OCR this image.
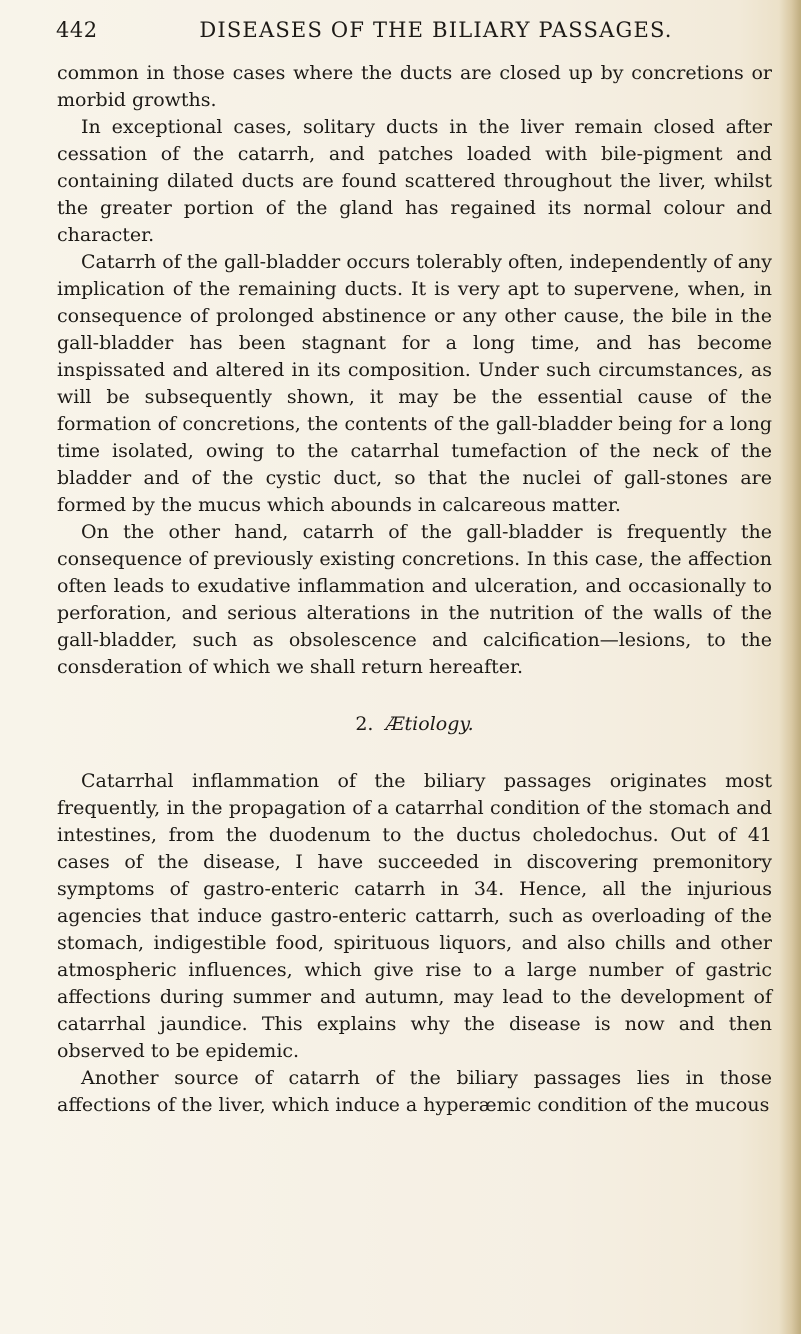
442	DISEASES OF THE BILIARY PASSAGES.

common in those cases where the ducts are closed up by concretions or morbid growths.

In exceptional cases, solitary ducts in the liver remain closed after cessation of the catarrh, and patches loaded with bile-pigment and containing dilated ducts are found scattered throughout the liver, whilst the greater portion of the gland has regained its normal colour and character.

Catarrh of the gall-bladder occurs tolerably often, independently of any implication of the remaining ducts. It is very apt to supervene, when, in consequence of prolonged abstinence or any other cause, the bile in the gall-bladder has been stagnant for a long time, and has become inspissated and altered in its composition. Under such circumstances, as will be subsequently shown, it may be the essential cause of the formation of concretions, the contents of the gall-bladder being for a long time isolated, owing to the catarrhal tumefaction of the neck of the bladder and of the cystic duct, so that the nuclei of gall-stones are formed by the mucus which abounds in calcareous matter.

On the other hand, catarrh of the gall-bladder is frequently the consequence of previously existing concretions. In this case, the affection often leads to exudative inflammation and ulceration, and occasionally to perforation, and serious alterations in the nutrition of the walls of the gall-bladder, such as obsolescence and calcification—lesions, to the consderation of which we shall return hereafter.

2. Ætiology.

Catarrhal inflammation of the biliary passages originates most frequently, in the propagation of a catarrhal condition of the stomach and intestines, from the duodenum to the ductus choledochus. Out of 41 cases of the disease, I have succeeded in discovering premonitory symptoms of gastro-enteric catarrh in 34. Hence, all the injurious agencies that induce gastro-enteric cattarrh, such as overloading of the stomach, indigestible food, spirituous liquors, and also chills and other atmospheric influences, which give rise to a large number of gastric affections during summer and autumn, may lead to the development of catarrhal jaundice. This explains why the disease is now and then observed to be epidemic.

Another source of catarrh of the biliary passages lies in those affections of the liver, which induce a hyperæmic condition of the mucous
